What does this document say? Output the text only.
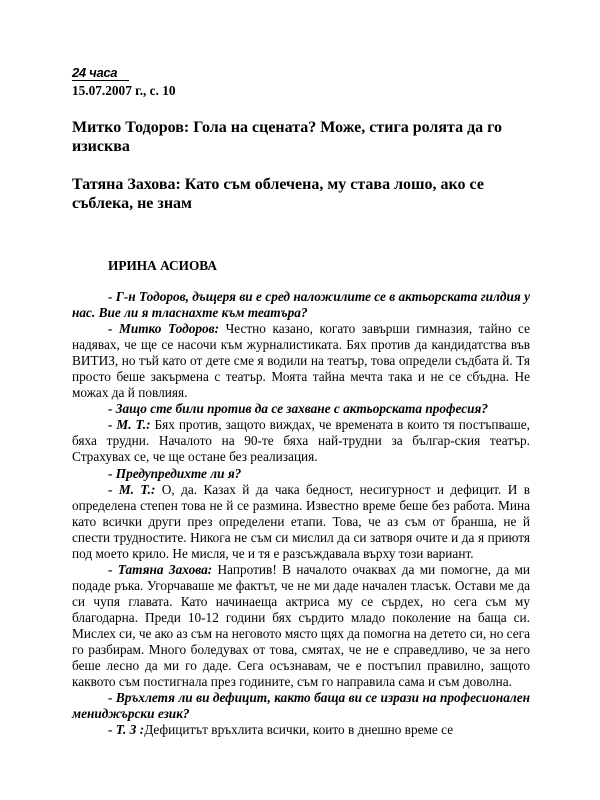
24 часа
15.07.2007 г., с. 10
Митко Тодоров: Гола на сцената? Може, стига ролята да го изисква
Татяна Захова: Като съм облечена, му става лошо, ако се съблека, не знам
ИРИНА АСИОВА

- Г-н Тодоров, дъщеря ви е сред наложилите се в актьорската гилдия у нас. Вие ли я тласнахте към театъра?

- Митко Тодоров: Честно казано, когато завърши гимназия, тайно се надявах, че ще се насочи към журналистиката. Бях против да кандидатства във ВИТИЗ, но тъй като от дете сме я водили на театър, това определи съдбата й. Тя просто беше закърмена с театър. Моята тайна мечта така и не се сбъдна. Не можах да й повлияя.

- Защо сте били против да се захване с актьорската професия?

- М. Т.: Бях против, защото виждах, че времената в които тя постъпваше, бяха трудни. Началото на 90-те бяха най-трудни за българ-ския театър. Страхувах се, че ще остане без реализация.

- Предупредихте ли я?

- М. Т.: О, да. Казах й да чака бедност, несигурност и дефицит. И в определена степен това не й се размина. Известно време беше без работа. Мина като всички други през определени етапи. Това, че аз съм от бранша, не й спести трудностите. Никога не съм си мислил да си затворя очите и да я приютя под моето крило. Не мисля, че и тя е разсъждавала върху този вариант.

- Татяна Захова: Напротив! В началото очаквах да ми помогне, да ми подаде ръка. Угорчаваше ме фактът, че не ми даде начален тласък. Остави ме да си чупя главата. Като начинаеща актриса му се сърдех, но сега съм му благодарна. Преди 10-12 години бях сърдито младо поколение на баща си. Мислех си, че ако аз съм на неговото място щях да помогна на детето си, но сега го разбирам. Много боледувах от това, смятах, че не е справедливо, че за него беше лесно да ми го даде. Сега осъзнавам, че е постъпил правилно, защото каквото съм постигнала през годините, съм го направила сама и съм доволна.

- Връхлетя ли ви дефицит, както баща ви се изрази на професионален мениджърски език?

- Т. З :Дефицитът връхлита всички, които в днешно време се
